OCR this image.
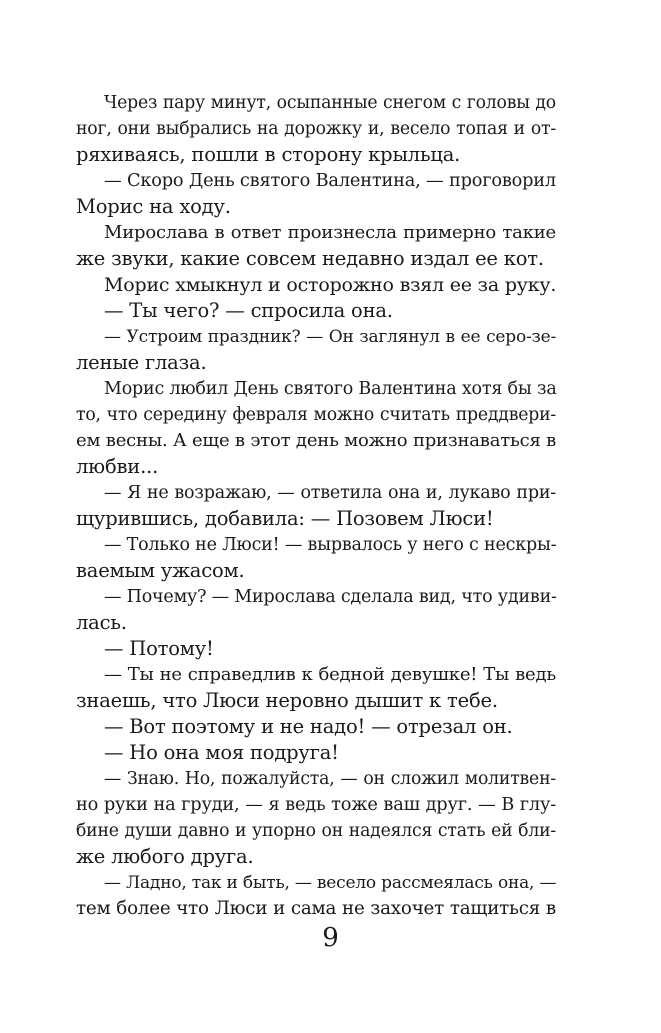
Через пару минут, осыпанные снегом с головы до
ног, они выбрались на дорожку и, весело топая и от-
ряхиваясь, пошли в сторону крыльца.
— Скоро День святого Валентина, — проговорил
Морис на ходу.
Мирослава в ответ произнесла примерно такие
же звуки, какие совсем недавно издал ее кот.
Морис хмыкнул и осторожно взял ее за руку.
— Ты чего? — спросила она.
— Устроим праздник? — Он заглянул в ее серо-зе-
леные глаза.
Морис любил День святого Валентина хотя бы за
то, что середину февраля можно считать преддвери-
ем весны. А еще в этот день можно признаваться в
любви...
— Я не возражаю, — ответила она и, лукаво при-
щурившись, добавила: — Позовем Люси!
— Только не Люси! — вырвалось у него с нескры-
ваемым ужасом.
— Почему? — Мирослава сделала вид, что удиви-
лась.
— Потому!
— Ты не справедлив к бедной девушке! Ты ведь
знаешь, что Люси неровно дышит к тебе.
— Вот поэтому и не надо! — отрезал он.
— Но она моя подруга!
— Знаю. Но, пожалуйста, — он сложил молитвен-
но руки на груди, — я ведь тоже ваш друг. — В глу-
бине души давно и упорно он надеялся стать ей бли-
же любого друга.
— Ладно, так и быть, — весело рассмеялась она, —
тем более что Люси и сама не захочет тащиться в
9
